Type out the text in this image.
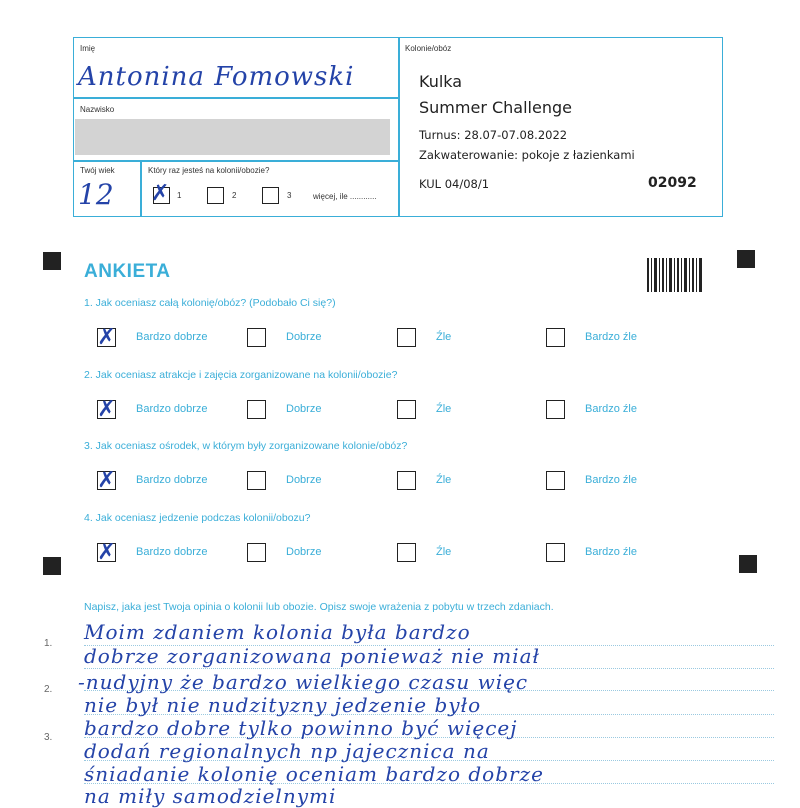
Imię
Antonina Fomowski
Nazwisko
Twój wiek
12
Który raz jesteś na kolonii/obozie?
✗ 1	2	3	więcej, ile ............
Kolonie/obóz
Kulka
Summer Challenge
Turnus: 28.07-07.08.2022
Zakwaterowanie: pokoje z łazienkami
KUL 04/08/1	02092
ANKIETA
1. Jak oceniasz całą kolonię/obóz? (Podobało Ci się?)
✗ Bardzo dobrze	Dobrze	Źle	Bardzo źle
2. Jak oceniasz atrakcje i zajęcia zorganizowane na kolonii/obozie?
✗ Bardzo dobrze	Dobrze	Źle	Bardzo źle
3. Jak oceniasz ośrodek, w którym były zorganizowane kolonie/obóz?
✗ Bardzo dobrze	Dobrze	Źle	Bardzo źle
4. Jak oceniasz jedzenie podczas kolonii/obozu?
✗ Bardzo dobrze	Dobrze	Źle	Bardzo źle
Napisz, jaka jest Twoja opinia o kolonii lub obozie. Opisz swoje wrażenia z pobytu w trzech zdaniach.
1.
2.
3.
Moim zdaniem kolonia była bardzo
dobrze zorganizowana ponieważ nie miał
-nudyjny że bardzo wielkiego czasu więc
nie był nie nudzityzny jedzenie było
bardzo dobre tylko powinno być więcej
dodań regionalnych np jajecznica na
śniadanie kolonię oceniam bardzo dobrze
na miły samodzielnymi
